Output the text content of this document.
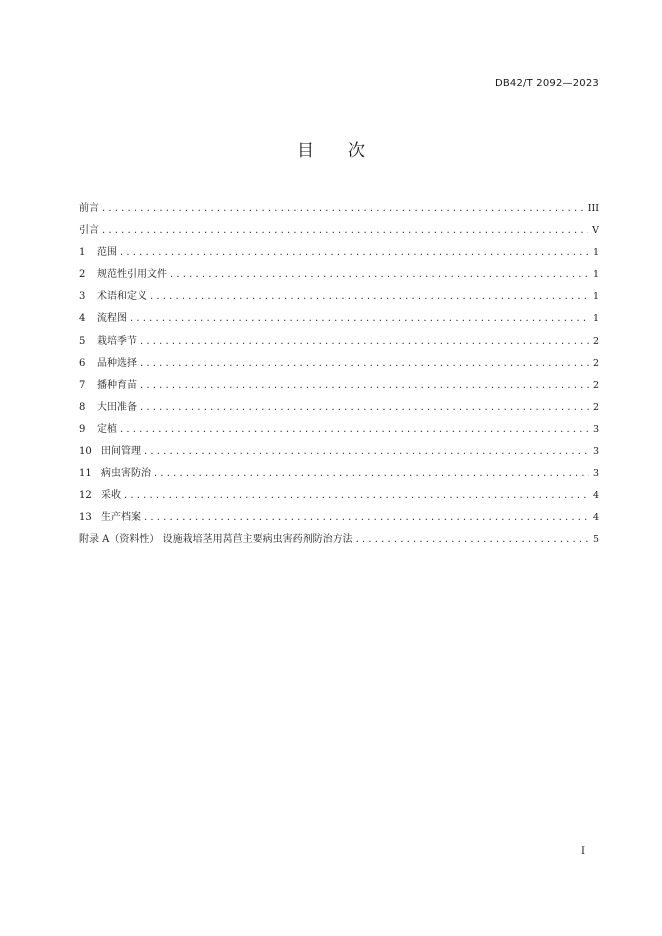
DB42/T 2092—2023
目次
前言 .....	III
引言 .....	V
1	范围 .....	1
2	规范性引用文件 .....	1
3	术语和定义 .....	1
4	流程图 .....	1
5	栽培季节 .....	2
6	品种选择 .....	2
7	播种育苗 .....	2
8	大田准备 .....	2
9	定植 .....	3
10 田间管理 .....	3
11 病虫害防治 .....	3
12 采收 .....	4
13 生产档案 .....	4
附录 A（资料性） 设施栽培茎用莴苣主要病虫害药剂防治方法 .....	5
I
